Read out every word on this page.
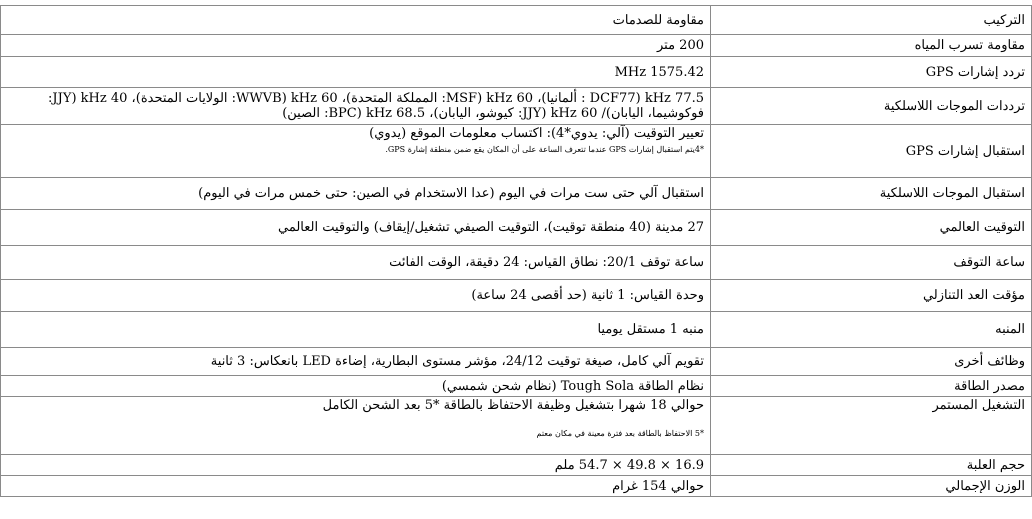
التركيب	مقاومة للصدمات
مقاومة تسرب المياه	200 متر
تردد إشارات GPS	1575.42 MHz
ترددات الموجات اللاسلكية	77.5 kHz (DCF77 : ألمانيا)، 60 kHz (MSF: المملكة المتحدة)، 60 kHz (WWVB: الولايات المتحدة)، 40 kHz (JJY: فوكوشيما، اليابان)/ 60 kHz (JJY: كيوشو، اليابان)، 68.5 kHz (BPC: الصين)
استقبال إشارات GPS	تعيير التوقيت (آلي: يدوي*4): اكتساب معلومات الموقع (يدوي)
*4يتم استقبال إشارات GPS عندما تتعرف الساعة على أن المكان يقع ضمن منطقة إشارة GPS.

استقبال الموجات اللاسلكية	استقبال آلي حتى ست مرات في اليوم (عدا الاستخدام في الصين: حتى خمس مرات في اليوم)
التوقيت العالمي	27 مدينة (40 منطقة توقيت)، التوقيت الصيفي تشغيل/إيقاف) والتوقيت العالمي
ساعة التوقف	ساعة توقف 20/1: نطاق القياس: 24 دقيقة، الوقت الفائت
مؤقت العد التنازلي	وحدة القياس: 1 ثانية (حد أقصى 24 ساعة)
المنبه	منبه 1 مستقل يوميا
وظائف أخرى	تقويم آلي كامل، صيغة توقيت 24/12، مؤشر مستوى البطارية، إضاءة LED بانعكاس: 3 ثانية
مصدر الطاقة	نظام الطاقة Tough Sola (نظام شحن شمسي)
التشغيل المستمر	حوالي 18 شهرا بتشغيل وظيفة الاحتفاظ بالطاقة *5 بعد الشحن الكامل
*5 الاحتفاظ بالطاقة بعد فترة معينة في مكان معتم

حجم العلبة	16.9 × 49.8 × 54.7 ملم
الوزن الإجمالي	حوالي 154 غرام
